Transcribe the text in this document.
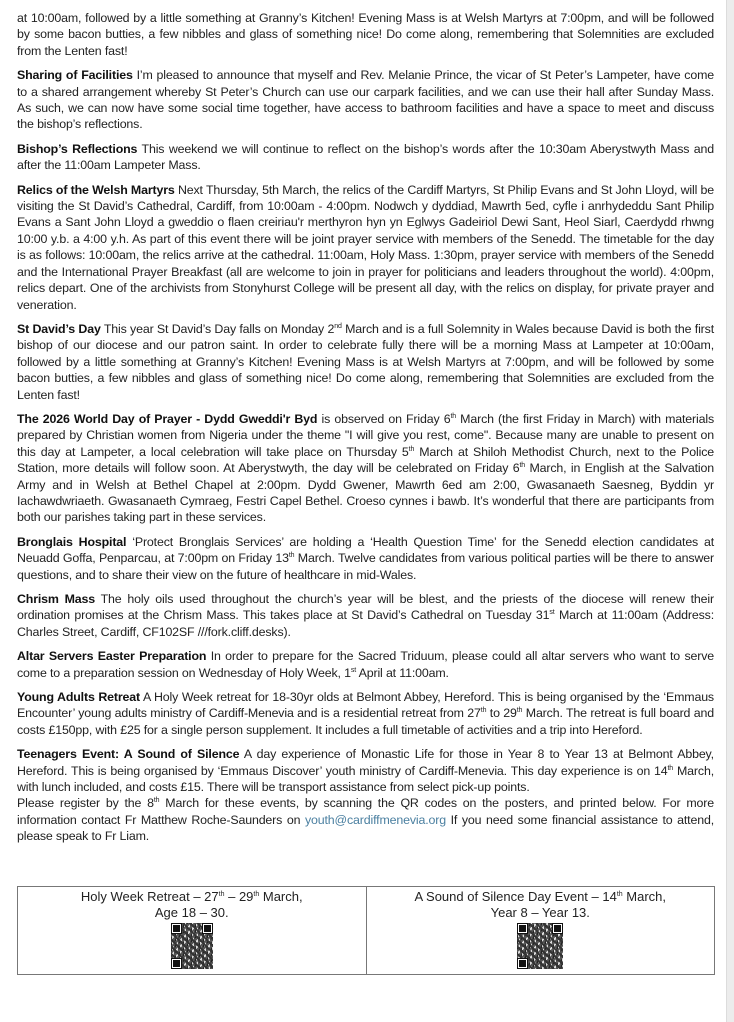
at 10:00am, followed by a little something at Granny’s Kitchen! Evening Mass is at Welsh Martyrs at 7:00pm, and will be followed by some bacon butties, a few nibbles and glass of something nice! Do come along, remembering that Solemnities are excluded from the Lenten fast!

Sharing of Facilities I’m pleased to announce that myself and Rev. Melanie Prince, the vicar of St Peter’s Lampeter, have come to a shared arrangement whereby St Peter’s Church can use our carpark facilities, and we can use their hall after Sunday Mass. As such, we can now have some social time together, have access to bathroom facilities and have a space to meet and discuss the bishop’s reflections.

Bishop’s Reflections This weekend we will continue to reflect on the bishop’s words after the 10:30am Aberystwyth Mass and after the 11:00am Lampeter Mass.

Relics of the Welsh Martyrs Next Thursday, 5th March, the relics of the Cardiff Martyrs, St Philip Evans and St John Lloyd, will be visiting the St David’s Cathedral, Cardiff, from 10:00am - 4:00pm. Nodwch y dyddiad, Mawrth 5ed, cyfle i anrhydeddu Sant Philip Evans a Sant John Lloyd a gweddio o flaen creiriau'r merthyron hyn yn Eglwys Gadeiriol Dewi Sant, Heol Siarl, Caerdydd rhwng 10:00 y.b. a 4:00 y.h. As part of this event there will be joint prayer service with members of the Senedd. The timetable for the day is as follows: 10:00am, the relics arrive at the cathedral. 11:00am, Holy Mass. 1:30pm, prayer service with members of the Senedd and the International Prayer Breakfast (all are welcome to join in prayer for politicians and leaders throughout the world). 4:00pm, relics depart. One of the archivists from Stonyhurst College will be present all day, with the relics on display, for private prayer and veneration.

St David’s Day This year St David’s Day falls on Monday 2nd March and is a full Solemnity in Wales because David is both the first bishop of our diocese and our patron saint. In order to celebrate fully there will be a morning Mass at Lampeter at 10:00am, followed by a little something at Granny’s Kitchen! Evening Mass is at Welsh Martyrs at 7:00pm, and will be followed by some bacon butties, a few nibbles and glass of something nice! Do come along, remembering that Solemnities are excluded from the Lenten fast!

The 2026 World Day of Prayer - Dydd Gweddi'r Byd is observed on Friday 6th March (the first Friday in March) with materials prepared by Christian women from Nigeria under the theme "I will give you rest, come". Because many are unable to present on this day at Lampeter, a local celebration will take place on Thursday 5th March at Shiloh Methodist Church, next to the Police Station, more details will follow soon. At Aberystwyth, the day will be celebrated on Friday 6th March, in English at the Salvation Army and in Welsh at Bethel Chapel at 2:00pm. Dydd Gwener, Mawrth 6ed am 2:00, Gwasanaeth Saesneg, Byddin yr Iachawdwriaeth. Gwasanaeth Cymraeg, Festri Capel Bethel. Croeso cynnes i bawb. It’s wonderful that there are participants from both our parishes taking part in these services.

Bronglais Hospital ‘Protect Bronglais Services’ are holding a ‘Health Question Time’ for the Senedd election candidates at Neuadd Goffa, Penparcau, at 7:00pm on Friday 13th March. Twelve candidates from various political parties will be there to answer questions, and to share their view on the future of healthcare in mid-Wales.

Chrism Mass The holy oils used throughout the church’s year will be blest, and the priests of the diocese will renew their ordination promises at the Chrism Mass. This takes place at St David’s Cathedral on Tuesday 31st March at 11:00am (Address: Charles Street, Cardiff, CF102SF ///fork.cliff.desks).

Altar Servers Easter Preparation In order to prepare for the Sacred Triduum, please could all altar servers who want to serve come to a preparation session on Wednesday of Holy Week, 1st April at 11:00am.

Young Adults Retreat A Holy Week retreat for 18-30yr olds at Belmont Abbey, Hereford. This is being organised by the ‘Emmaus Encounter’ young adults ministry of Cardiff-Menevia and is a residential retreat from 27th to 29th March. The retreat is full board and costs £150pp, with £25 for a single person supplement. It includes a full timetable of activities and a trip into Hereford.

Teenagers Event: A Sound of Silence A day experience of Monastic Life for those in Year 8 to Year 13 at Belmont Abbey, Hereford. This is being organised by ‘Emmaus Discover’ youth ministry of Cardiff-Menevia. This day experience is on 14th March, with lunch included, and costs £15. There will be transport assistance from select pick-up points.

Please register by the 8th March for these events, by scanning the QR codes on the posters, and printed below. For more information contact Fr Matthew Roche-Saunders on youth@cardiffmenevia.org If you need some financial assistance to attend, please speak to Fr Liam.

Holy Week Retreat – 27th – 29th March,
Age 18 – 30.

A Sound of Silence Day Event – 14th March,
Year 8 – Year 13.
